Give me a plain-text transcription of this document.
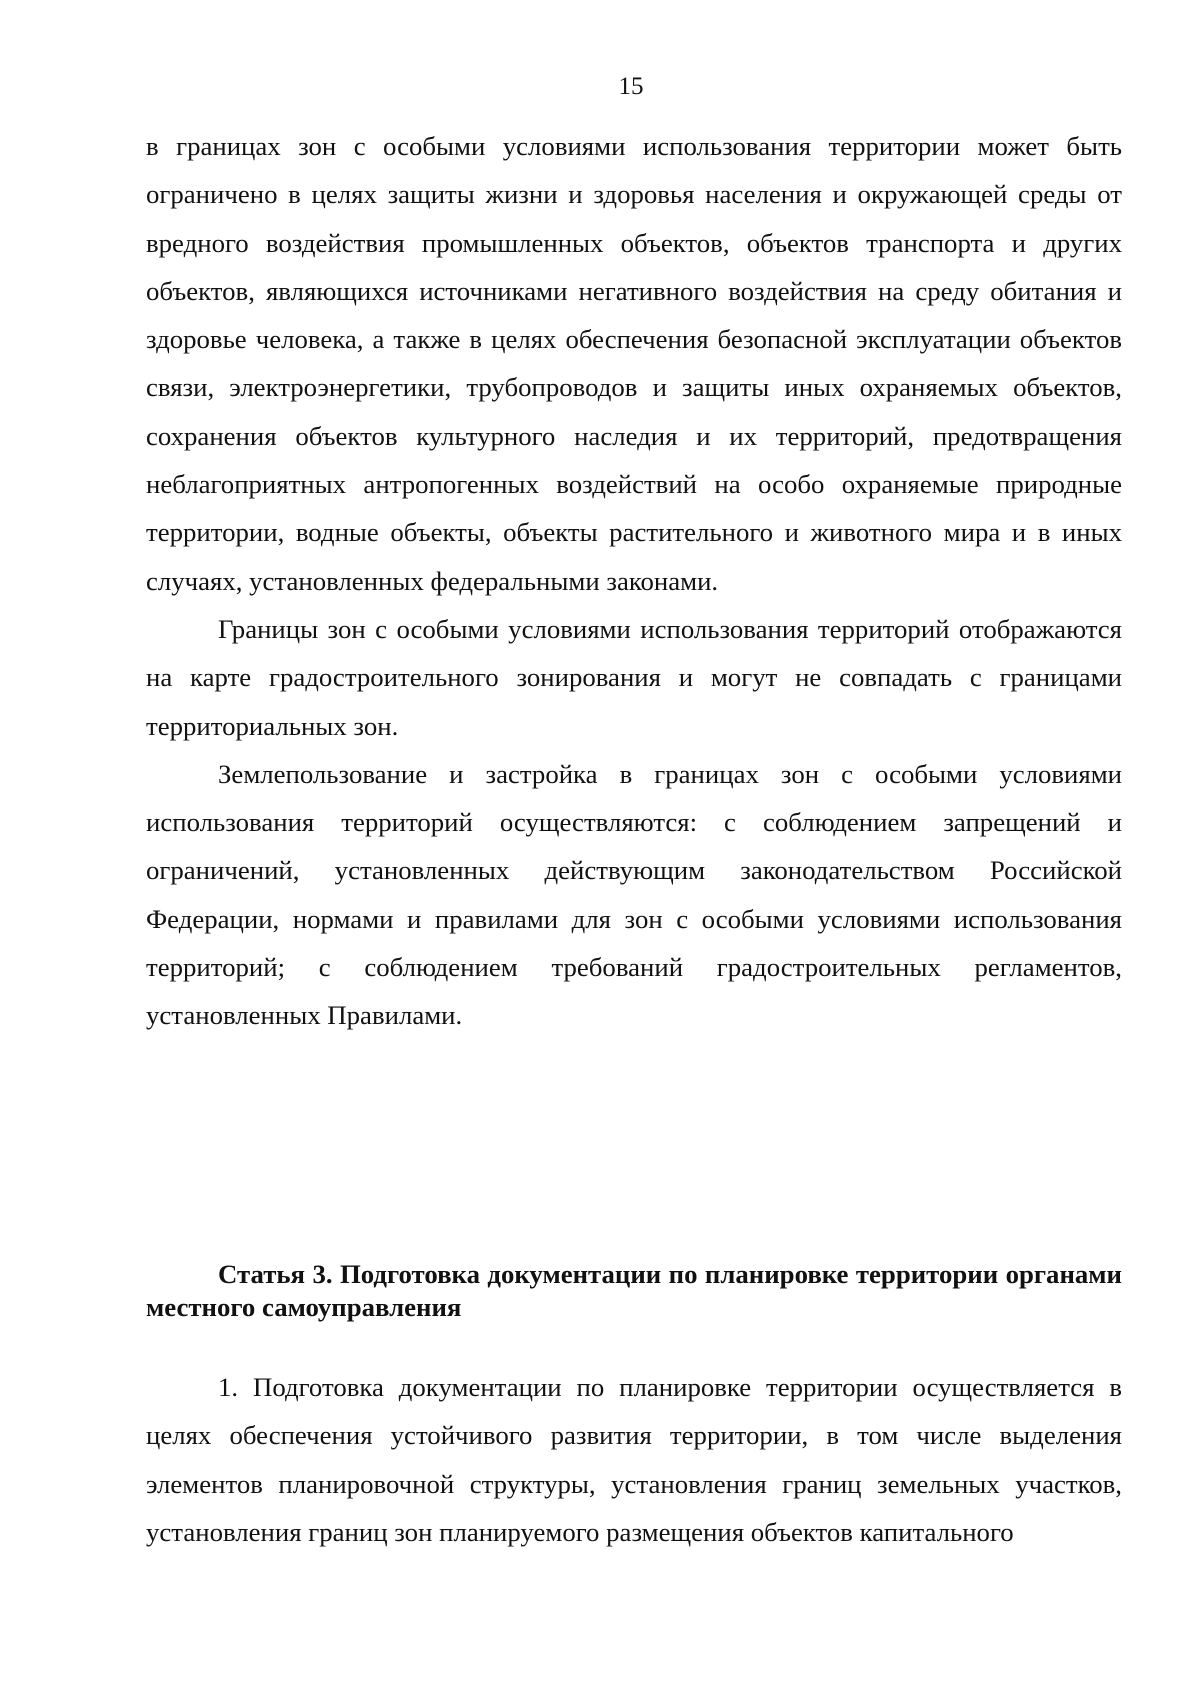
15

в границах зон с особыми условиями использования территории может быть ограничено в целях защиты жизни и здоровья населения и окружающей среды от вредного воздействия промышленных объектов, объектов транспорта и других объектов, являющихся источниками негативного воздействия на среду обитания и здоровье человека, а также в целях обеспечения безопасной эксплуатации объектов связи, электроэнергетики, трубопроводов и защиты иных охраняемых объектов, сохранения объектов культурного наследия и их территорий, предотвращения неблагоприятных антропогенных воздействий на особо охраняемые природные территории, водные объекты, объекты растительного и животного мира и в иных случаях, установленных федеральными законами.

Границы зон с особыми условиями использования территорий отображаются на карте градостроительного зонирования и могут не совпадать с границами территориальных зон.

Землепользование и застройка в границах зон с особыми условиями использования территорий осуществляются: с соблюдением запрещений и ограничений, установленных действующим законодательством Российской Федерации, нормами и правилами для зон с особыми условиями использования территорий; с соблюдением требований градостроительных регламентов, установленных Правилами.

Статья 3. Подготовка документации по планировке территории органами местного самоуправления

1. Подготовка документации по планировке территории осуществляется в целях обеспечения устойчивого развития территории, в том числе выделения элементов планировочной структуры, установления границ земельных участков, установления границ зон планируемого размещения объектов капитального
